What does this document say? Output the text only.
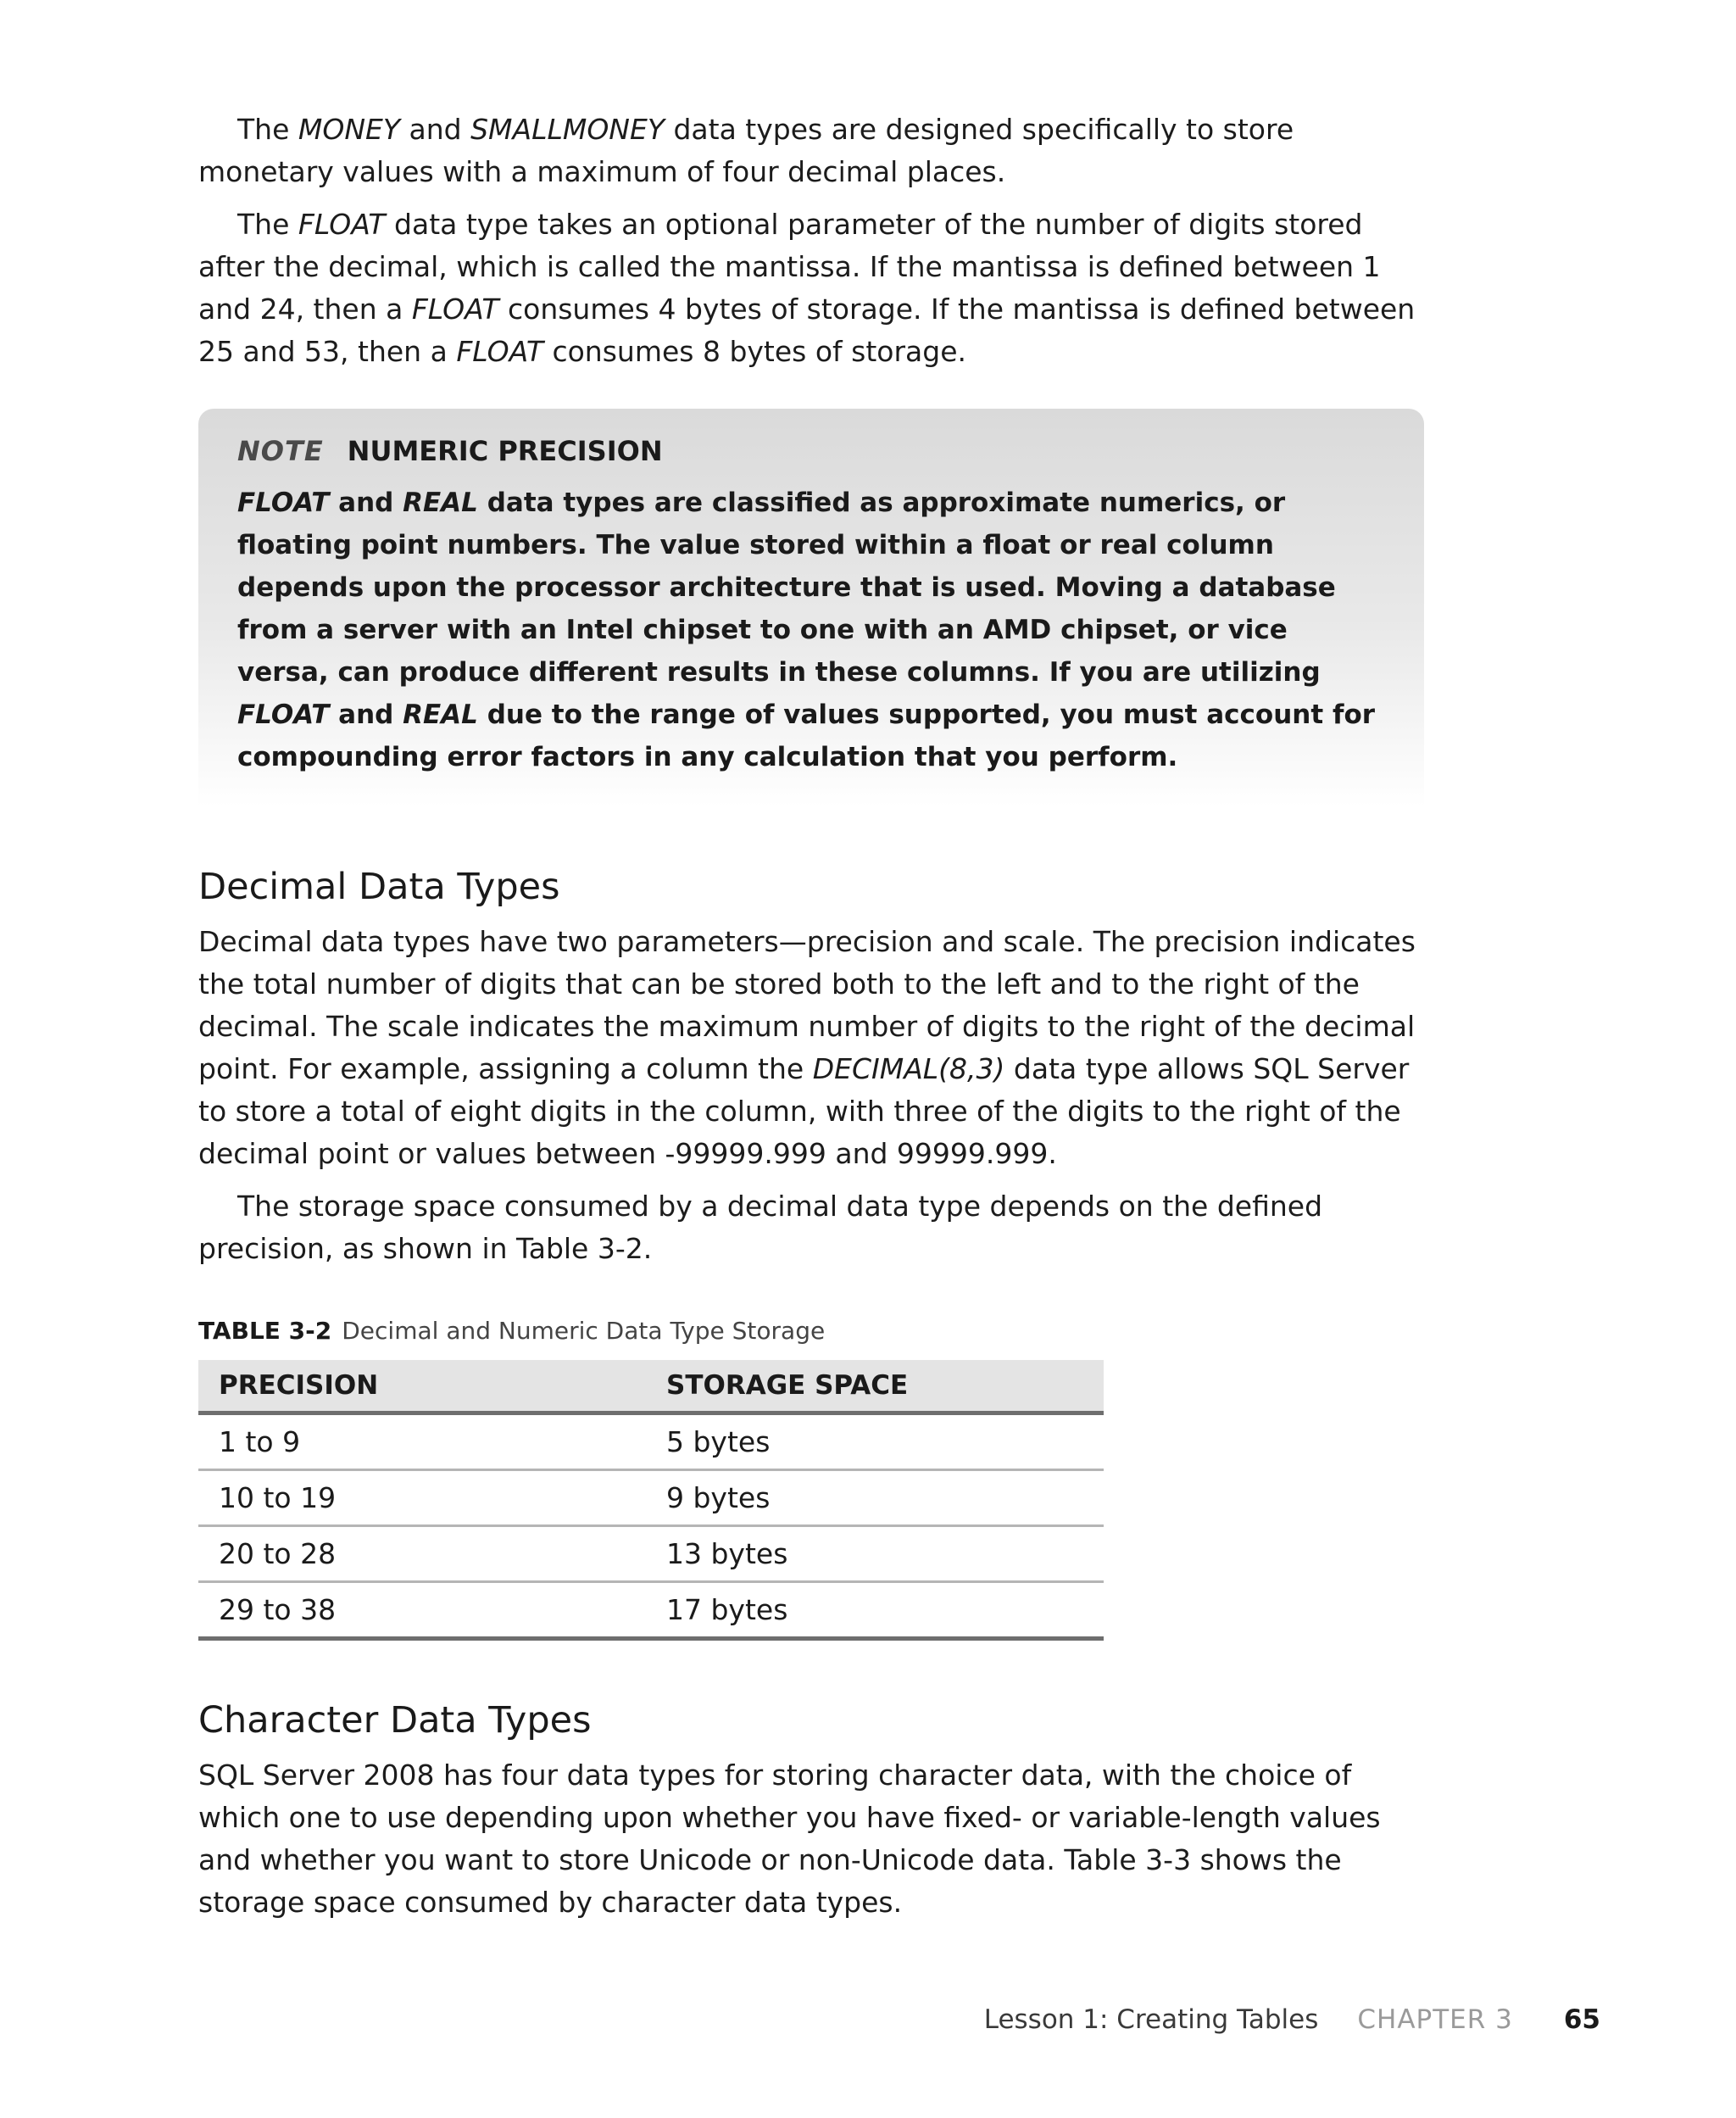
The MONEY and SMALLMONEY data types are designed specifically to store monetary values with a maximum of four decimal places.

The FLOAT data type takes an optional parameter of the number of digits stored after the decimal, which is called the mantissa. If the mantissa is defined between 1 and 24, then a FLOAT consumes 4 bytes of storage. If the mantissa is defined between 25 and 53, then a FLOAT consumes 8 bytes of storage.

NOTE NUMERIC PRECISION

FLOAT and REAL data types are classified as approximate numerics, or floating point numbers. The value stored within a float or real column depends upon the processor architecture that is used. Moving a database from a server with an Intel chipset to one with an AMD chipset, or vice versa, can produce different results in these columns. If you are utilizing FLOAT and REAL due to the range of values supported, you must account for compounding error factors in any calculation that you perform.

Decimal Data Types

Decimal data types have two parameters—precision and scale. The precision indicates the total number of digits that can be stored both to the left and to the right of the decimal. The scale indicates the maximum number of digits to the right of the decimal point. For example, assigning a column the DECIMAL(8,3) data type allows SQL Server to store a total of eight digits in the column, with three of the digits to the right of the decimal point or values between -99999.999 and 99999.999.

The storage space consumed by a decimal data type depends on the defined precision, as shown in Table 3-2.

TABLE 3-2 Decimal and Numeric Data Type Storage
PRECISION	STORAGE SPACE
1 to 9	5 bytes
10 to 19	9 bytes
20 to 28	13 bytes
29 to 38	17 bytes
Character Data Types

SQL Server 2008 has four data types for storing character data, with the choice of which one to use depending upon whether you have fixed- or variable-length values and whether you want to store Unicode or non-Unicode data. Table 3-3 shows the storage space consumed by character data types.

Lesson 1: Creating Tables CHAPTER 3 65
